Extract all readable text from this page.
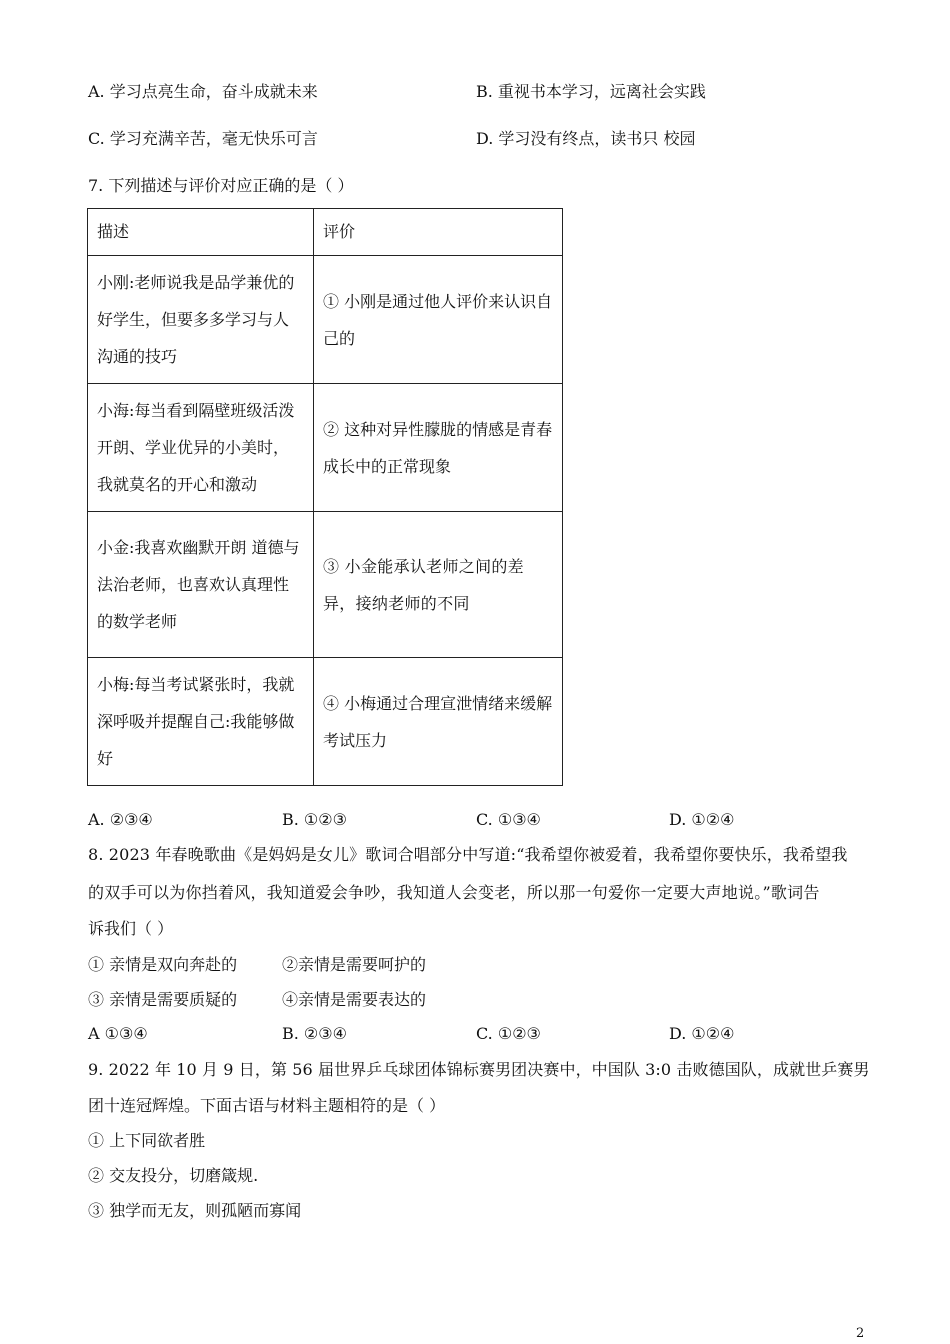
A. 学习点亮生命，奋斗成就未来	B. 重视书本学习，远离社会实践
C. 学习充满辛苦，毫无快乐可言	D. 学习没有终点，读书只 校园
7. 下列描述与评价对应正确的是（ ）
描述	评价
小刚:老师说我是品学兼优的好学生，但要多多学习与人沟通的技巧	① 小刚是通过他人评价来认识自己的
小海:每当看到隔壁班级活泼开朗、学业优异的小美时，我就莫名的开心和激动	② 这种对异性朦胧的情感是青春成长中的正常现象
小金:我喜欢幽默开朗 道德与法治老师，也喜欢认真理性的数学老师	③ 小金能承认老师之间的差异，接纳老师的不同
小梅:每当考试紧张时，我就深呼吸并提醒自己:我能够做好	④ 小梅通过合理宣泄情绪来缓解考试压力
A. ②③④	B. ①②③	C. ①③④	D. ①②④
8. 2023 年春晚歌曲《是妈妈是女儿》歌词合唱部分中写道:“我希望你被爱着，我希望你要快乐，我希望我
的双手可以为你挡着风，我知道爱会争吵，我知道人会变老，所以那一句爱你一定要大声地说。”歌词告
诉我们（ ）
① 亲情是双向奔赴的	②亲情是需要呵护的
③ 亲情是需要质疑的	④亲情是需要表达的
A ①③④	B. ②③④	C. ①②③	D. ①②④
9. 2022 年 10 月 9 日，第 56 届世界乒乓球团体锦标赛男团决赛中，中国队 3:0 击败德国队，成就世乒赛男
团十连冠辉煌。下面古语与材料主题相符的是（ ）
① 上下同欲者胜
② 交友投分，切磨箴规.
③ 独学而无友，则孤陋而寡闻
2
